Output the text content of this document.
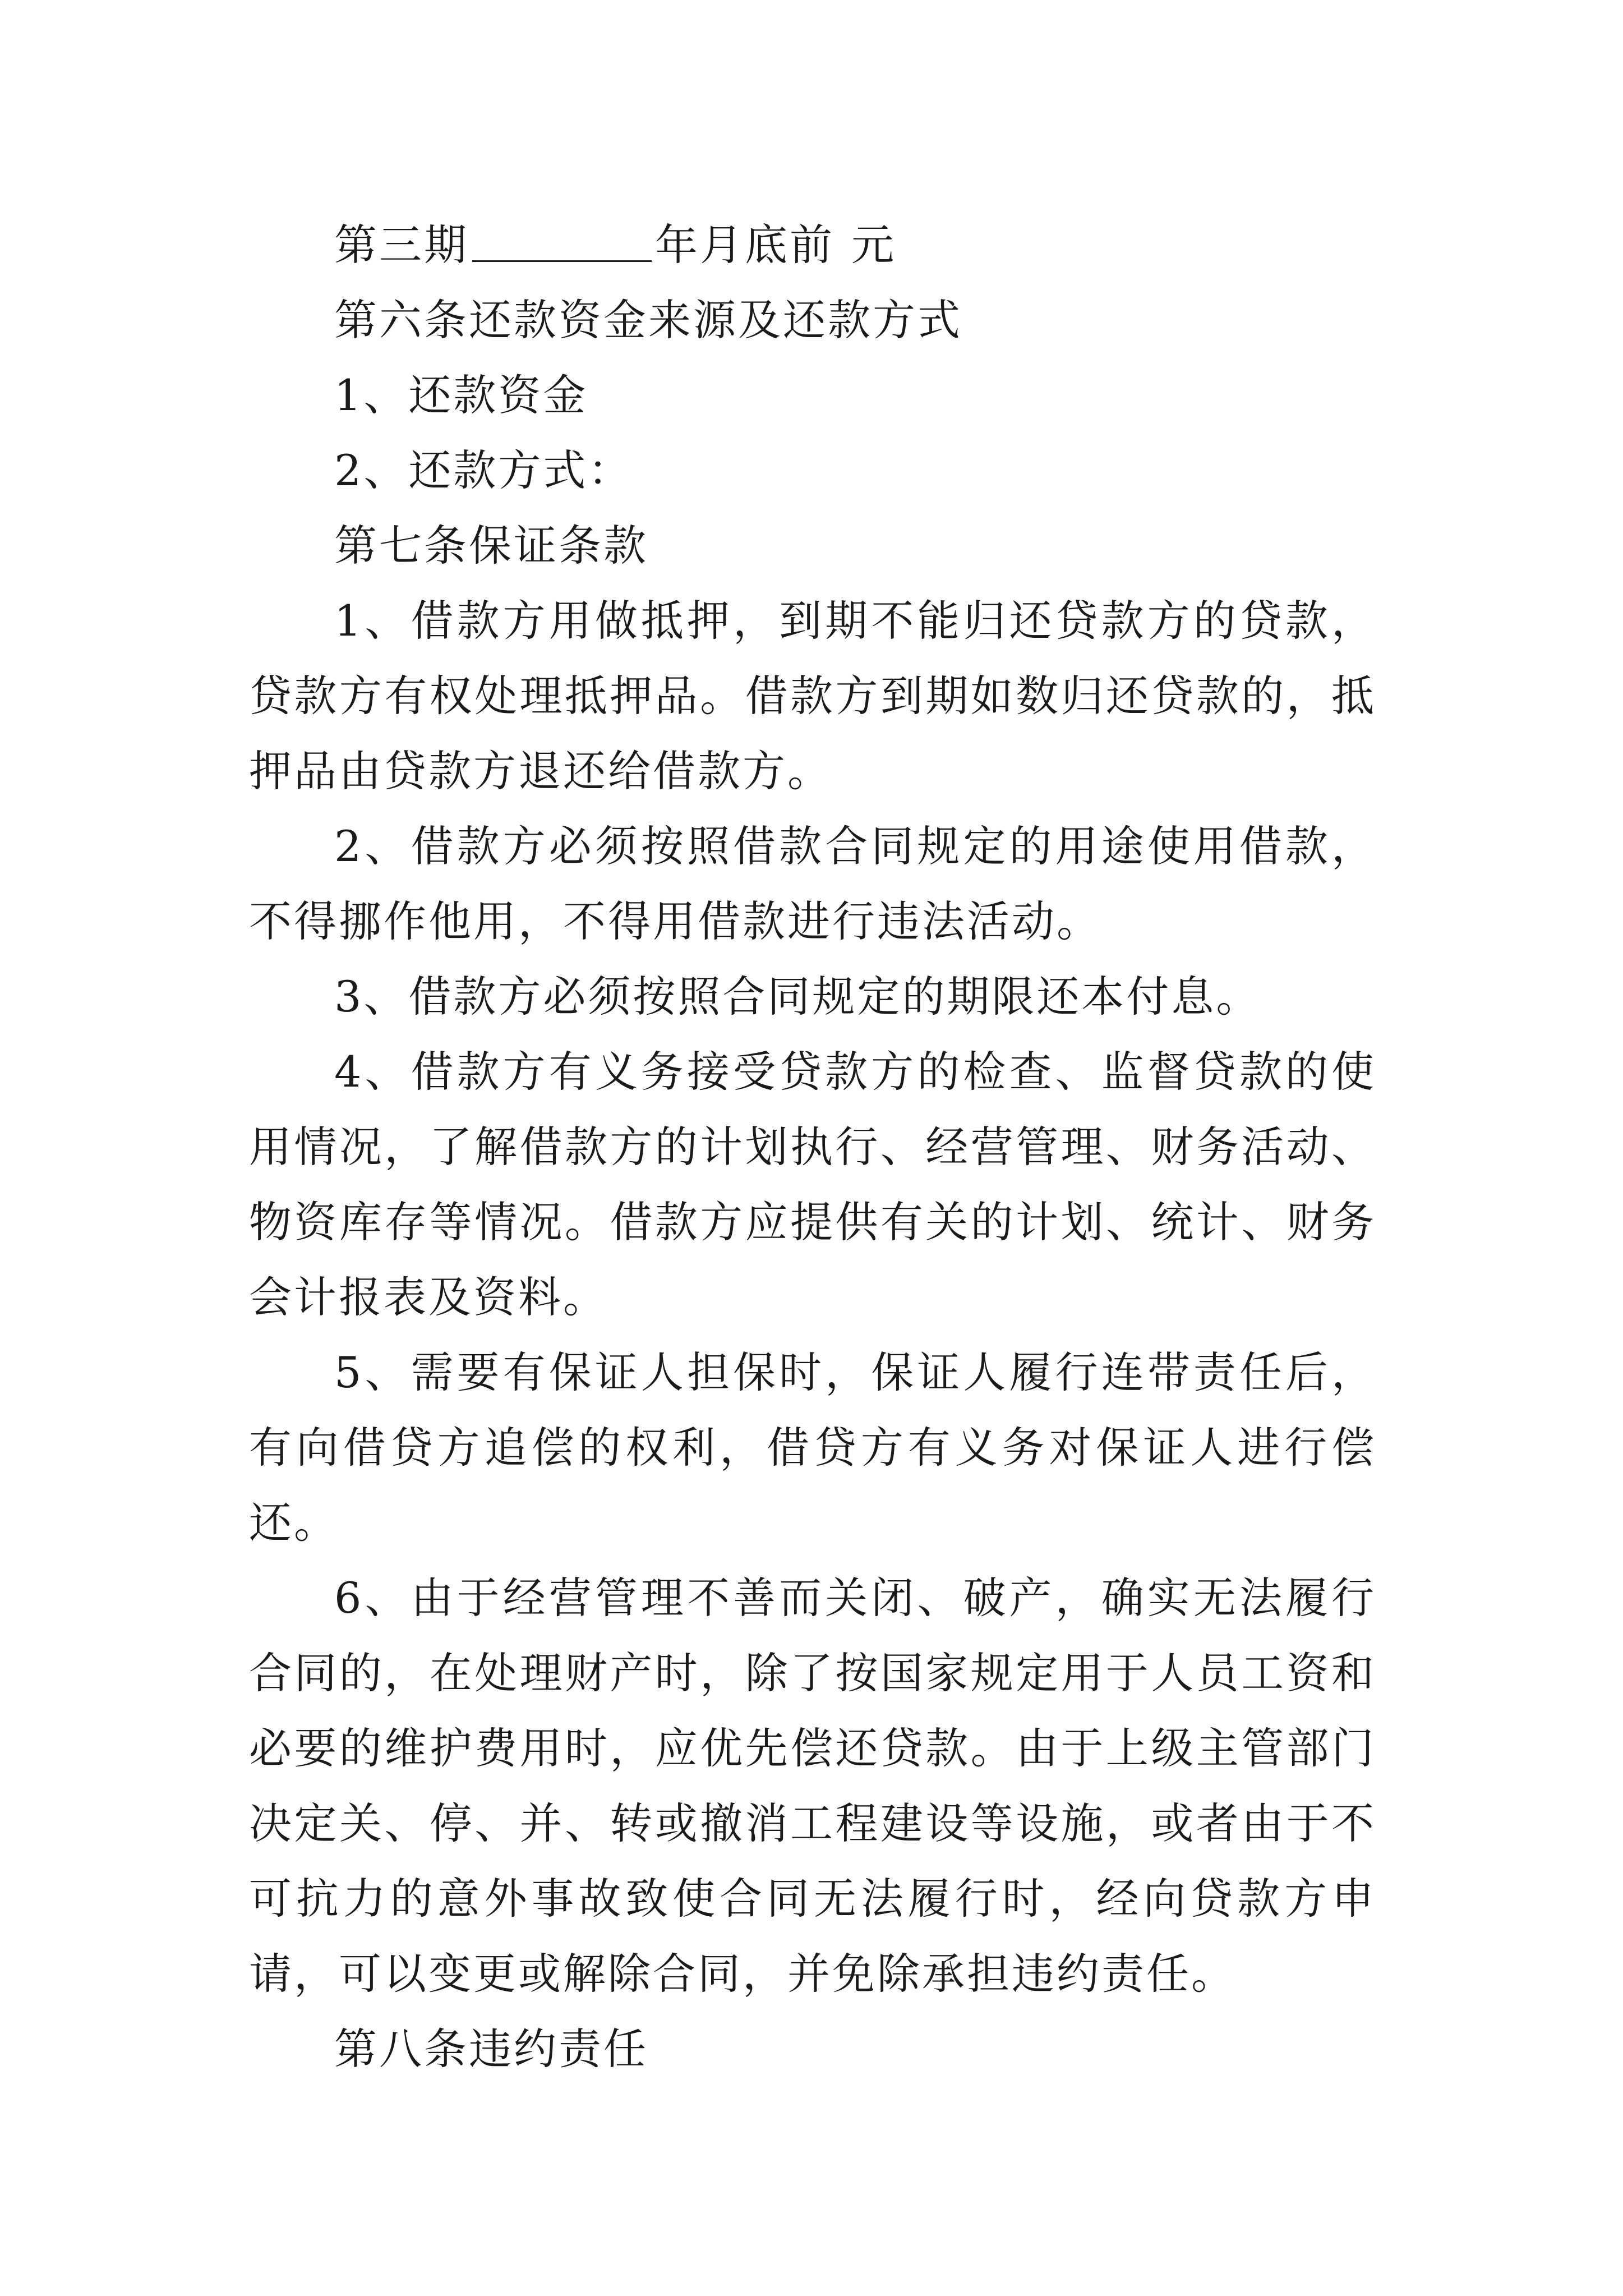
第三期	年月底前 元

第六条还款资金来源及还款方式

1、还款资金

2、还款方式：

第七条保证条款

1、借款方用做抵押，到期不能归还贷款方的贷款，贷款方有权处理抵押品。借款方到期如数归还贷款的，抵押品由贷款方退还给借款方。

2、借款方必须按照借款合同规定的用途使用借款，不得挪作他用，不得用借款进行违法活动。

3、借款方必须按照合同规定的期限还本付息。

4、借款方有义务接受贷款方的检查、监督贷款的使用情况，了解借款方的计划执行、经营管理、财务活动、物资库存等情况。借款方应提供有关的计划、统计、财务会计报表及资料。

5、需要有保证人担保时，保证人履行连带责任后，有向借贷方追偿的权利，借贷方有义务对保证人进行偿还。

6、由于经营管理不善而关闭、破产，确实无法履行合同的，在处理财产时，除了按国家规定用于人员工资和必要的维护费用时，应优先偿还贷款。由于上级主管部门决定关、停、并、转或撤消工程建设等设施，或者由于不可抗力的意外事故致使合同无法履行时，经向贷款方申请，可以变更或解除合同，并免除承担违约责任。

第八条违约责任
